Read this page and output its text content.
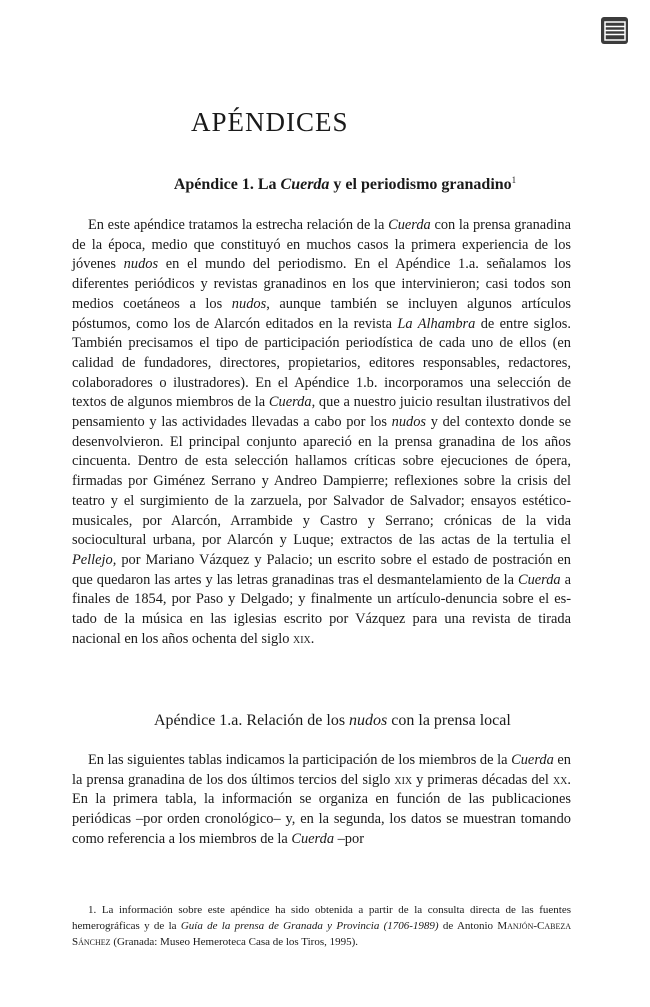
APÉNDICES
Apéndice 1. La Cuerda y el periodismo granadino$^1$

En este apéndice tratamos la estrecha relación de la Cuerda con la prensa granadina de la época, medio que constituyó en muchos casos la primera experiencia de los jóvenes nudos en el mundo del periodismo. En el Apéndice 1.a. señalamos los diferentes periódicos y revistas granadinos en los que intervinieron; casi todos son medios coetáneos a los nudos, aunque también se incluyen algunos artículos póstumos, como los de Alarcón editados en la revista La Alhambra de entre siglos. También precisamos el tipo de participación periodística de cada uno de ellos (en calidad de fundadores, directores, propietarios, editores responsables, redactores, colaboradores o ilustradores). En el Apéndice 1.b. incorporamos una selección de textos de algunos miembros de la Cuerda, que a nuestro juicio resultan ilustrativos del pensamiento y las actividades llevadas a cabo por los nudos y del contexto donde se desenvolvieron. El principal conjunto apareció en la prensa granadina de los años cincuenta. Dentro de esta selección hallamos críticas sobre ejecuciones de ópera, firmadas por Giménez Serrano y Andreo Dampierre; reflexiones sobre la crisis del teatro y el surgimiento de la zarzuela, por Salvador de Salvador; ensayos estético-musicales, por Alarcón, Arrambide y Castro y Serrano; crónicas de la vida sociocultural urbana, por Alarcón y Luque; extractos de las actas de la tertulia el Pellejo, por Mariano Vázquez y Palacio; un escrito sobre el estado de postración en que quedaron las artes y las letras granadinas tras el desmantelamiento de la Cuerda a finales de 1854, por Paso y Delgado; y finalmente un artículo-denuncia sobre el estado de la música en las iglesias escrito por Vázquez para una revista de tirada nacional en los años ochenta del siglo xix.

Apéndice 1.a. Relación de los nudos con la prensa local

En las siguientes tablas indicamos la participación de los miembros de la Cuerda en la prensa granadina de los dos últimos tercios del siglo xix y primeras décadas del xx. En la primera tabla, la información se organiza en función de las publicaciones periódicas –por orden cronológico– y, en la segunda, los datos se muestran tomando como referencia a los miembros de la Cuerda –por

1. La información sobre este apéndice ha sido obtenida a partir de la consulta directa de las fuentes hemerográficas y de la Guía de la prensa de Granada y Provincia (1706-1989) de Antonio Manjón-Cabeza Sánchez (Granada: Museo Hemeroteca Casa de los Tiros, 1995).
